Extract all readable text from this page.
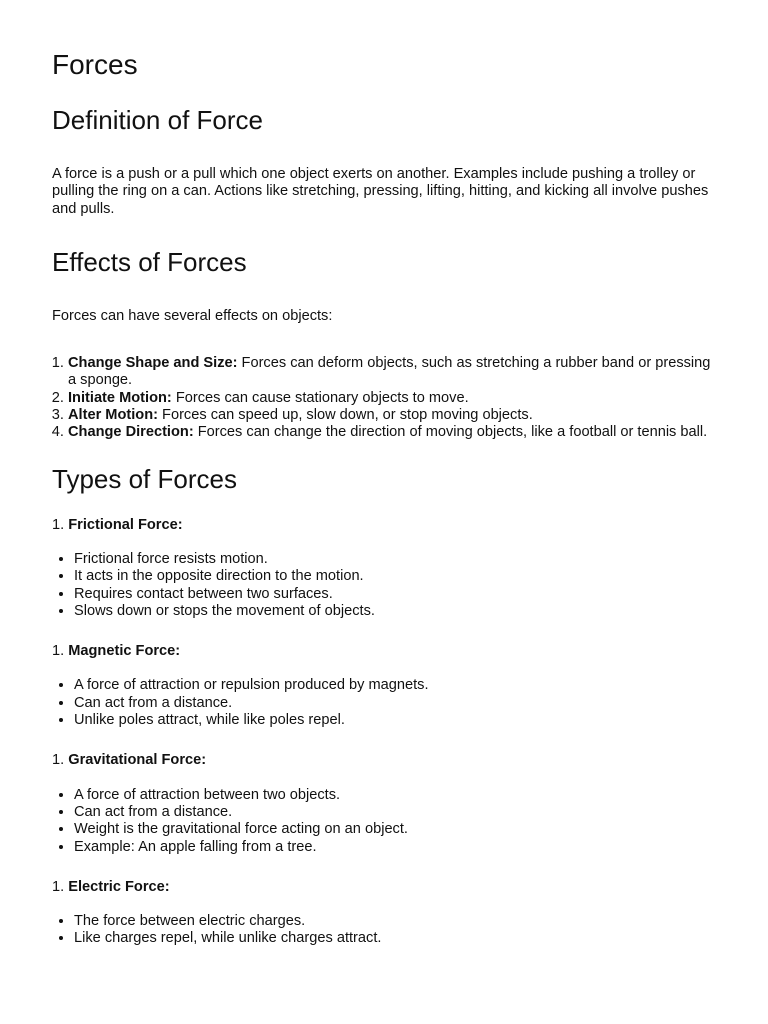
Forces
Definition of Force

A force is a push or a pull which one object exerts on another. Examples include pushing a trolley or pulling the ring on a can. Actions like stretching, pressing, lifting, hitting, and kicking all involve pushes and pulls.

Effects of Forces

Forces can have several effects on objects:

1. Change Shape and Size: Forces can deform objects, such as stretching a rubber band or pressing a sponge.
2. Initiate Motion: Forces can cause stationary objects to move.
3. Alter Motion: Forces can speed up, slow down, or stop moving objects.
4. Change Direction: Forces can change the direction of moving objects, like a football or tennis ball.
Types of Forces
1. Frictional Force:
• Frictional force resists motion.
• It acts in the opposite direction to the motion.
• Requires contact between two surfaces.
• Slows down or stops the movement of objects.
1. Magnetic Force:
• A force of attraction or repulsion produced by magnets.
• Can act from a distance.
• Unlike poles attract, while like poles repel.
1. Gravitational Force:
• A force of attraction between two objects.
• Can act from a distance.
• Weight is the gravitational force acting on an object.
• Example: An apple falling from a tree.
1. Electric Force:
• The force between electric charges.
• Like charges repel, while unlike charges attract.
